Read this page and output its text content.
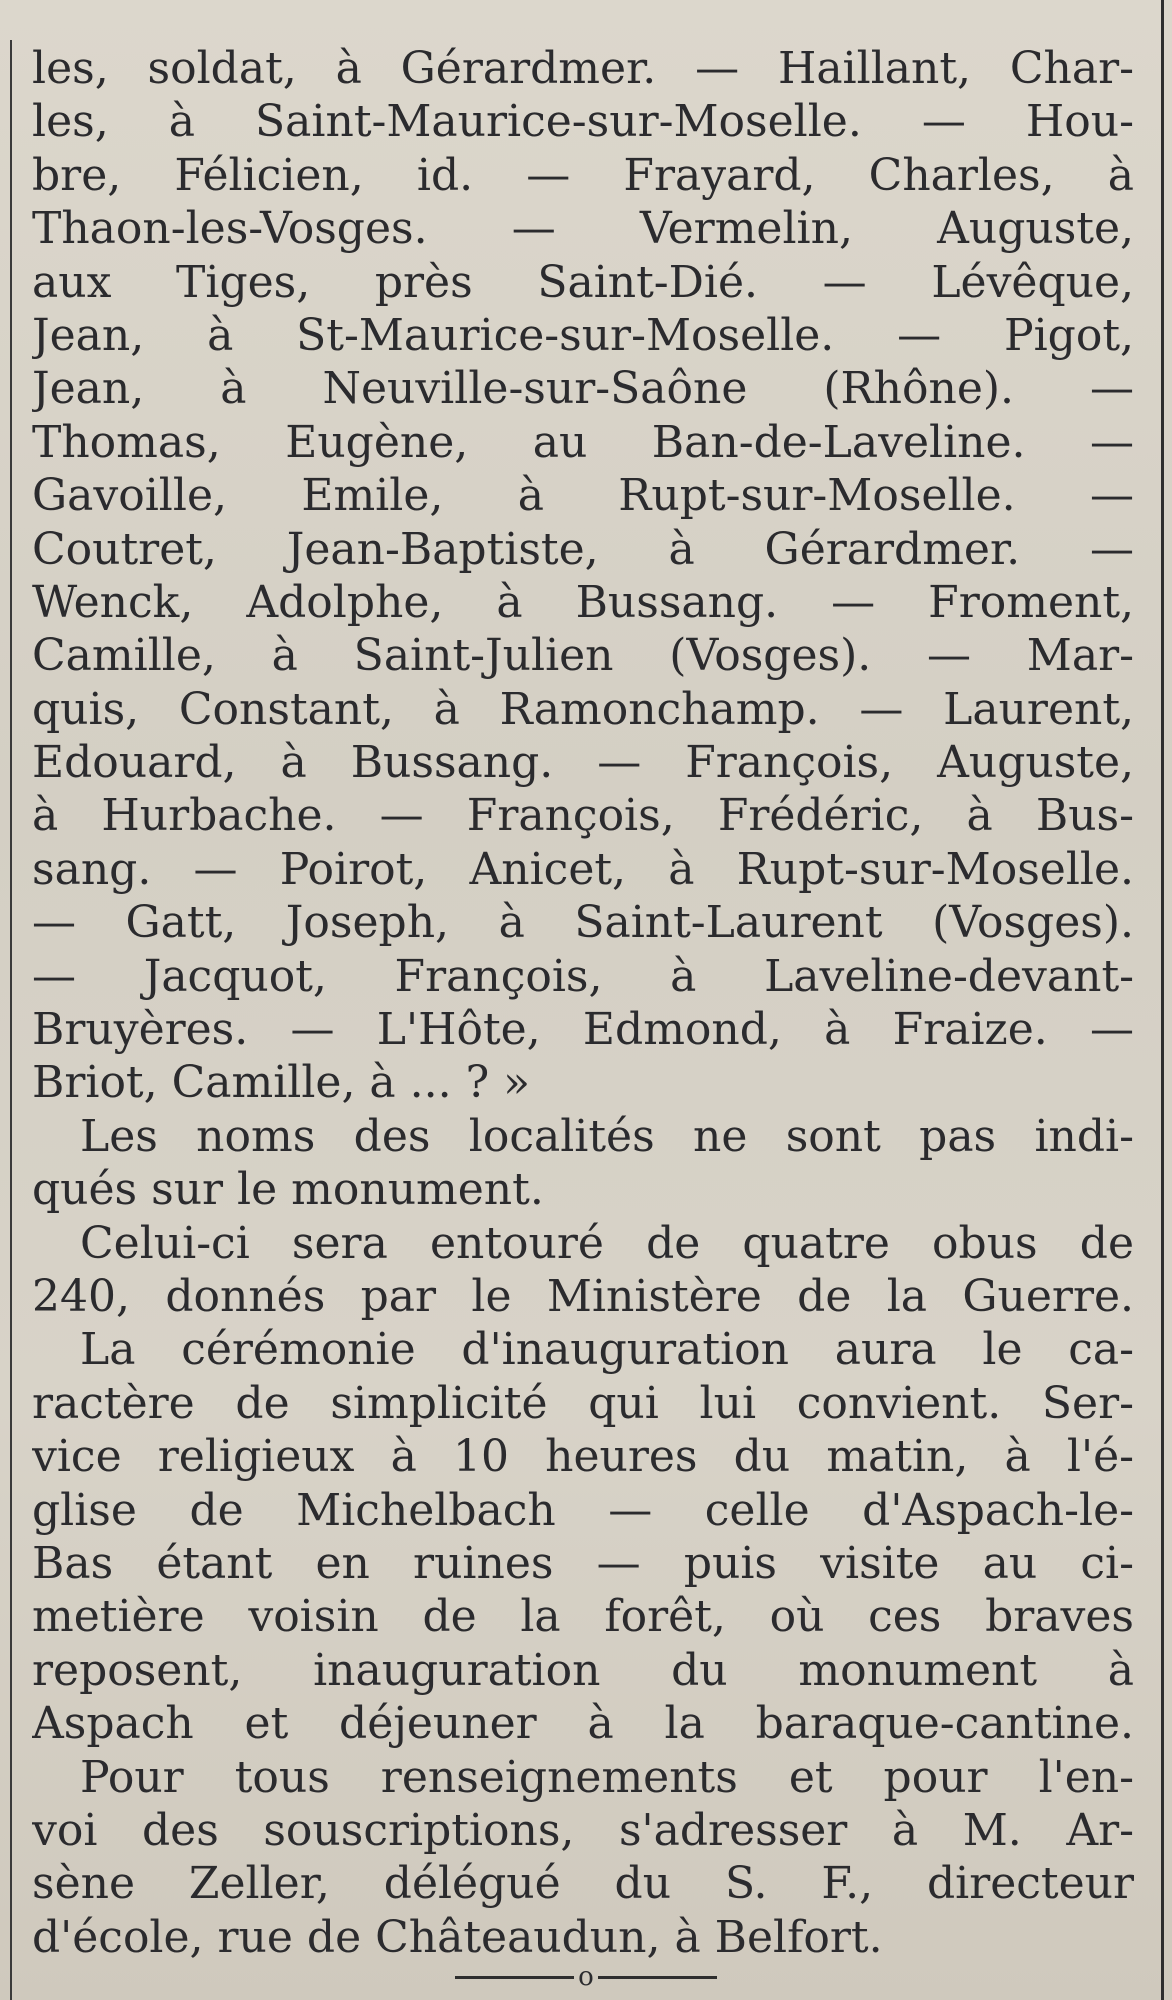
les, soldat, à Gérardmer. — Haillant, Char-
les, à Saint-Maurice-sur-Moselle. — Hou-
bre, Félicien, id. — Frayard, Charles, à
Thaon-les-Vosges. — Vermelin, Auguste,
aux Tiges, près Saint-Dié. — Lévêque,
Jean, à St-Maurice-sur-Moselle. — Pigot,
Jean, à Neuville-sur-Saône (Rhône). —
Thomas, Eugène, au Ban-de-Laveline. —
Gavoille, Emile, à Rupt-sur-Moselle. —
Coutret, Jean-Baptiste, à Gérardmer. —
Wenck, Adolphe, à Bussang. — Froment,
Camille, à Saint-Julien (Vosges). — Mar-
quis, Constant, à Ramonchamp. — Laurent,
Edouard, à Bussang. — François, Auguste,
à Hurbache. — François, Frédéric, à Bus-
sang. — Poirot, Anicet, à Rupt-sur-Moselle.
— Gatt, Joseph, à Saint-Laurent (Vosges).
— Jacquot, François, à Laveline-devant-
Bruyères. — L'Hôte, Edmond, à Fraize. —
Briot, Camille, à ... ? »
Les noms des localités ne sont pas indi-
qués sur le monument.
Celui-ci sera entouré de quatre obus de
240, donnés par le Ministère de la Guerre.
La cérémonie d'inauguration aura le ca-
ractère de simplicité qui lui convient. Ser-
vice religieux à 10 heures du matin, à l'é-
glise de Michelbach — celle d'Aspach-le-
Bas étant en ruines — puis visite au ci-
metière voisin de la forêt, où ces braves
reposent, inauguration du monument à
Aspach et déjeuner à la baraque-cantine.
Pour tous renseignements et pour l'en-
voi des souscriptions, s'adresser à M. Ar-
sène Zeller, délégué du S. F., directeur
d'école, rue de Châteaudun, à Belfort.
o
